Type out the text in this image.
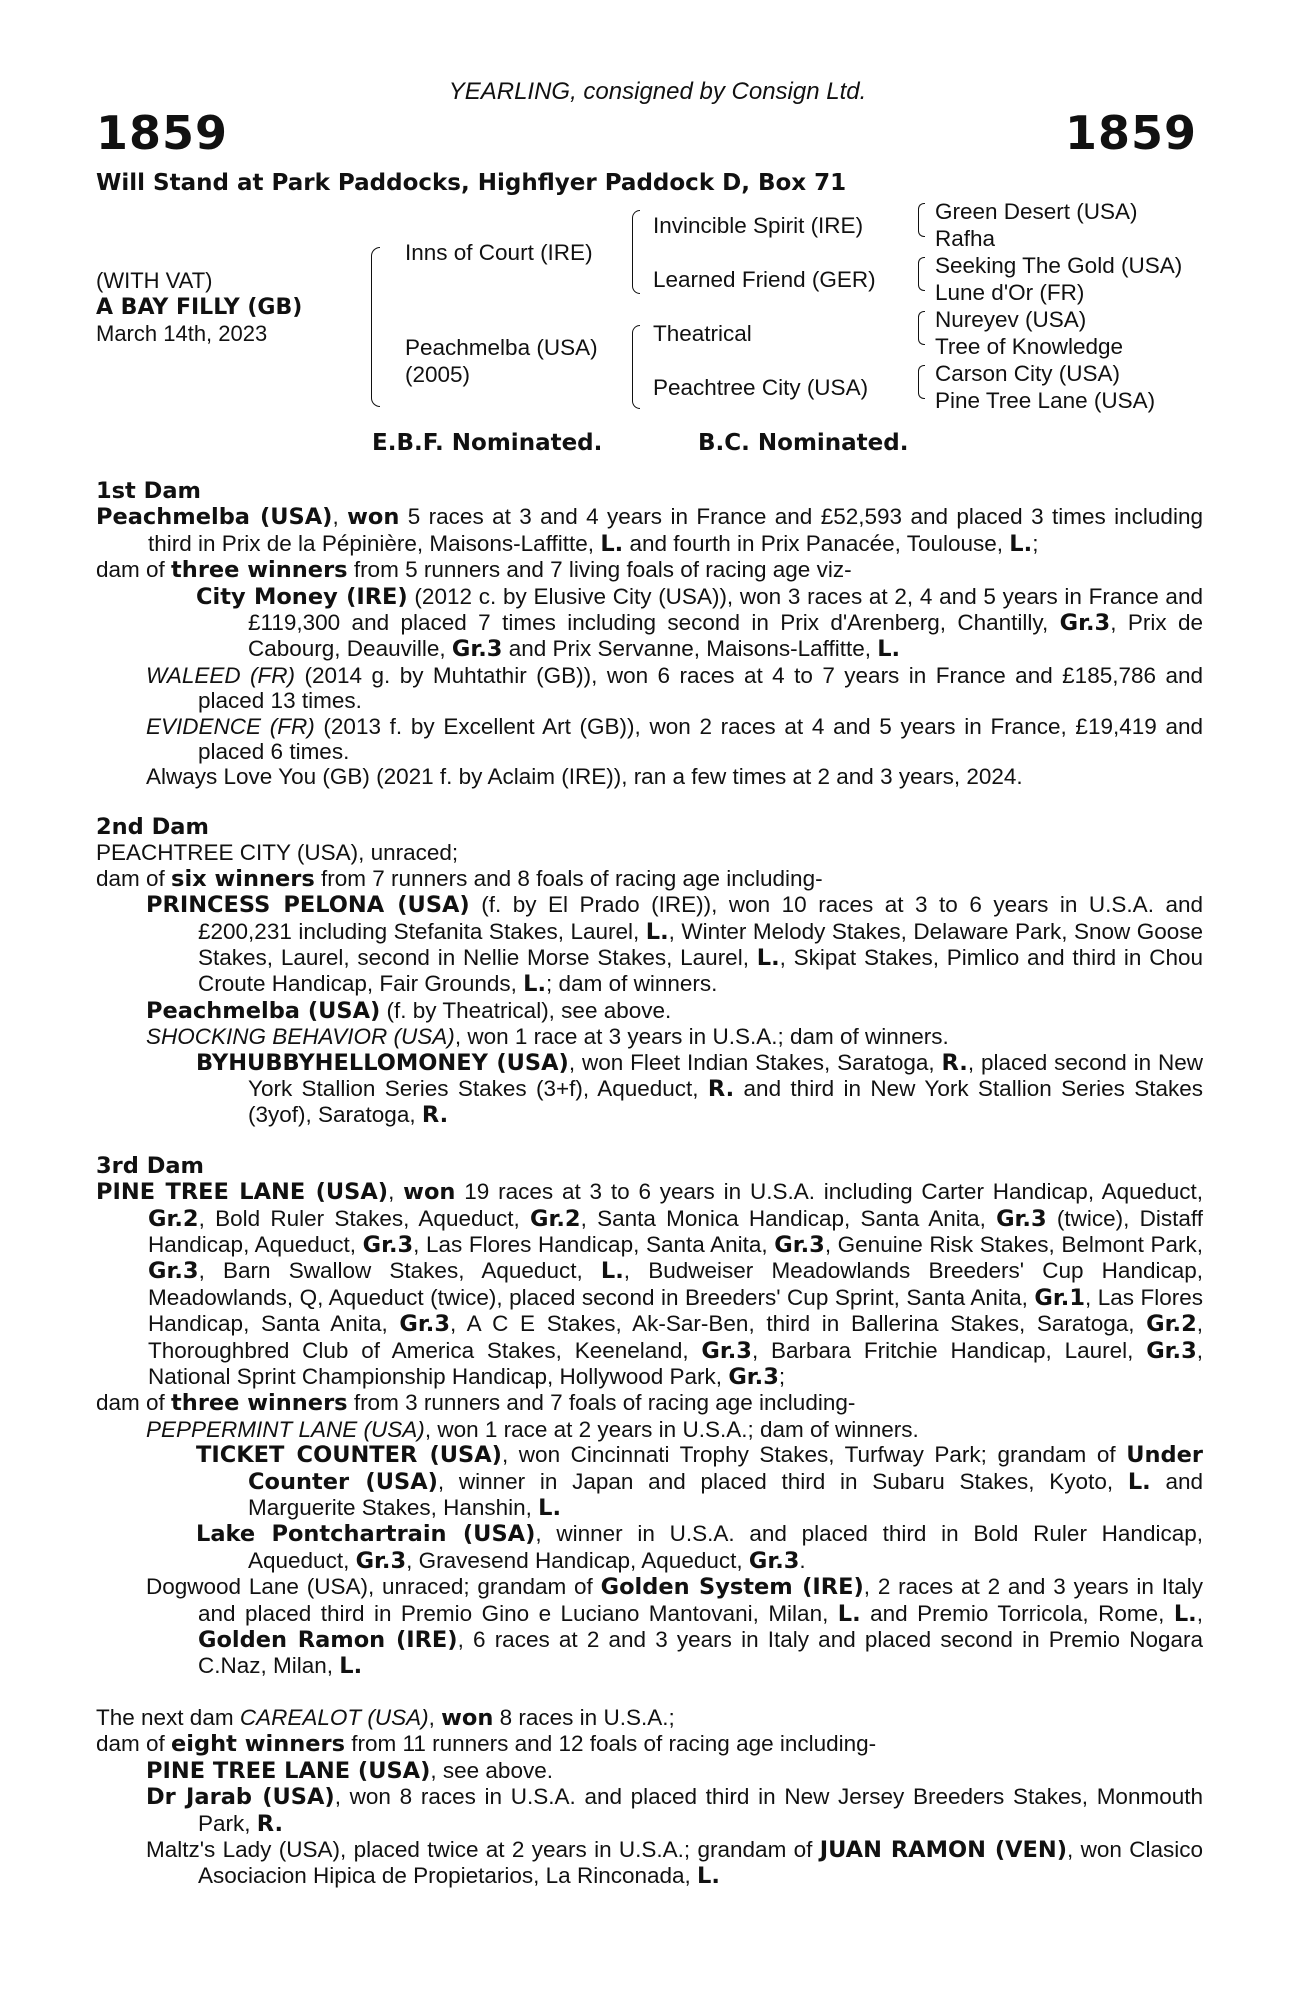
YEARLING, consigned by Consign Ltd.
1859	1859
Will Stand at Park Paddocks, Highflyer Paddock D, Box 71
(WITH VAT)
A BAY FILLY (GB)
March 14th, 2023
Inns of Court (IRE)
Peachmelba (USA)
(2005)
Invincible Spirit (IRE)
Learned Friend (GER)
Theatrical
Peachtree City (USA)
Green Desert (USA)
Rafha
Seeking The Gold (USA)
Lune d'Or (FR)
Nureyev (USA)
Tree of Knowledge
Carson City (USA)
Pine Tree Lane (USA)
E.B.F. Nominated.	B.C. Nominated.

1st Dam

Peachmelba (USA), won 5 races at 3 and 4 years in France and £52,593 and placed 3 times including third in Prix de la Pépinière, Maisons-Laffitte, L. and fourth in Prix Panacée, Toulouse, L.;

dam of three winners from 5 runners and 7 living foals of racing age viz-

City Money (IRE) (2012 c. by Elusive City (USA)), won 3 races at 2, 4 and 5 years in France and £119,300 and placed 7 times including second in Prix d'Arenberg, Chantilly, Gr.3, Prix de Cabourg, Deauville, Gr.3 and Prix Servanne, Maisons-Laffitte, L.

WALEED (FR) (2014 g. by Muhtathir (GB)), won 6 races at 4 to 7 years in France and £185,786 and placed 13 times.

EVIDENCE (FR) (2013 f. by Excellent Art (GB)), won 2 races at 4 and 5 years in France, £19,419 and placed 6 times.

Always Love You (GB) (2021 f. by Aclaim (IRE)), ran a few times at 2 and 3 years, 2024.

2nd Dam

PEACHTREE CITY (USA), unraced;

dam of six winners from 7 runners and 8 foals of racing age including-

PRINCESS PELONA (USA) (f. by El Prado (IRE)), won 10 races at 3 to 6 years in U.S.A. and £200,231 including Stefanita Stakes, Laurel, L., Winter Melody Stakes, Delaware Park, Snow Goose Stakes, Laurel, second in Nellie Morse Stakes, Laurel, L., Skipat Stakes, Pimlico and third in Chou Croute Handicap, Fair Grounds, L.; dam of winners.

Peachmelba (USA) (f. by Theatrical), see above.

SHOCKING BEHAVIOR (USA), won 1 race at 3 years in U.S.A.; dam of winners.

BYHUBBYHELLOMONEY (USA), won Fleet Indian Stakes, Saratoga, R., placed second in New York Stallion Series Stakes (3+f), Aqueduct, R. and third in New York Stallion Series Stakes (3yof), Saratoga, R.

3rd Dam

PINE TREE LANE (USA), won 19 races at 3 to 6 years in U.S.A. including Carter Handicap, Aqueduct, Gr.2, Bold Ruler Stakes, Aqueduct, Gr.2, Santa Monica Handicap, Santa Anita, Gr.3 (twice), Distaff Handicap, Aqueduct, Gr.3, Las Flores Handicap, Santa Anita, Gr.3, Genuine Risk Stakes, Belmont Park, Gr.3, Barn Swallow Stakes, Aqueduct, L., Budweiser Meadowlands Breeders' Cup Handicap, Meadowlands, Q, Aqueduct (twice), placed second in Breeders' Cup Sprint, Santa Anita, Gr.1, Las Flores Handicap, Santa Anita, Gr.3, A C E Stakes, Ak-Sar-Ben, third in Ballerina Stakes, Saratoga, Gr.2, Thoroughbred Club of America Stakes, Keeneland, Gr.3, Barbara Fritchie Handicap, Laurel, Gr.3, National Sprint Championship Handicap, Hollywood Park, Gr.3;

dam of three winners from 3 runners and 7 foals of racing age including-

PEPPERMINT LANE (USA), won 1 race at 2 years in U.S.A.; dam of winners.

TICKET COUNTER (USA), won Cincinnati Trophy Stakes, Turfway Park; grandam of Under Counter (USA), winner in Japan and placed third in Subaru Stakes, Kyoto, L. and Marguerite Stakes, Hanshin, L.

Lake Pontchartrain (USA), winner in U.S.A. and placed third in Bold Ruler Handicap, Aqueduct, Gr.3, Gravesend Handicap, Aqueduct, Gr.3.

Dogwood Lane (USA), unraced; grandam of Golden System (IRE), 2 races at 2 and 3 years in Italy and placed third in Premio Gino e Luciano Mantovani, Milan, L. and Premio Torricola, Rome, L., Golden Ramon (IRE), 6 races at 2 and 3 years in Italy and placed second in Premio Nogara C.Naz, Milan, L.

The next dam CAREALOT (USA), won 8 races in U.S.A.;

dam of eight winners from 11 runners and 12 foals of racing age including-

PINE TREE LANE (USA), see above.

Dr Jarab (USA), won 8 races in U.S.A. and placed third in New Jersey Breeders Stakes, Monmouth Park, R.

Maltz's Lady (USA), placed twice at 2 years in U.S.A.; grandam of JUAN RAMON (VEN), won Clasico Asociacion Hipica de Propietarios, La Rinconada, L.
